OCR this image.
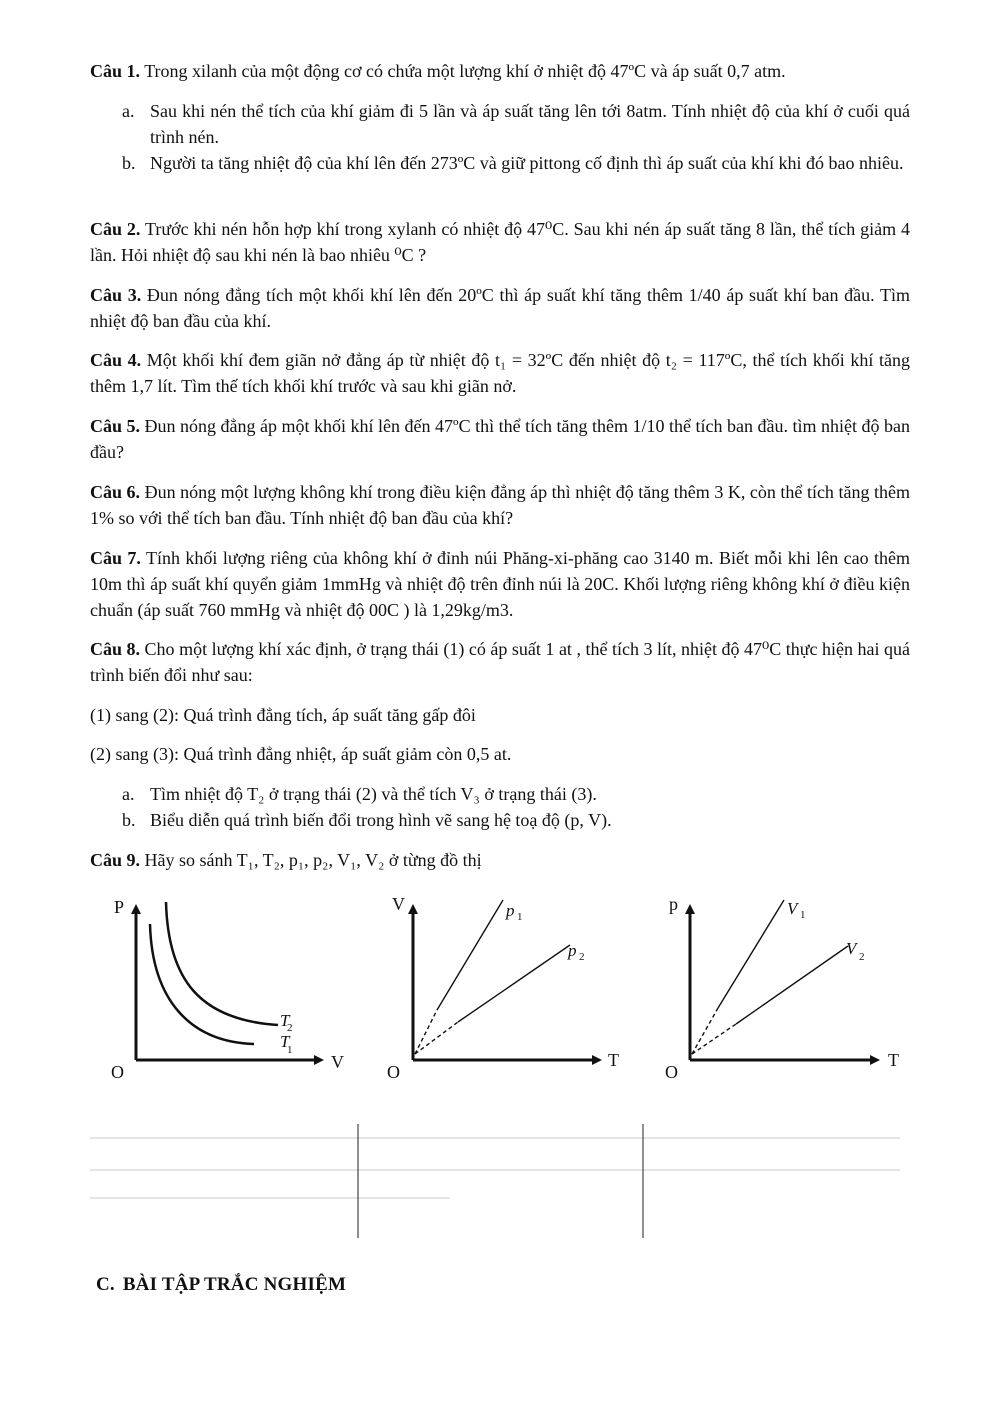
Câu 1. Trong xilanh của một động cơ có chứa một lượng khí ở nhiệt độ 47ºC và áp suất 0,7 atm.

a. Sau khi nén thể tích của khí giảm đi 5 lần và áp suất tăng lên tới 8atm. Tính nhiệt độ của khí ở cuối quá trình nén.
b. Người ta tăng nhiệt độ của khí lên đến 273ºC và giữ pittong cố định thì áp suất của khí khi đó bao nhiêu.

Câu 2. Trước khi nén hỗn hợp khí trong xylanh có nhiệt độ 47⁰C. Sau khi nén áp suất tăng 8 lần, thể tích giảm 4 lần. Hỏi nhiệt độ sau khi nén là bao nhiêu ⁰C ?

Câu 3. Đun nóng đẳng tích một khối khí lên đến 20ºC thì áp suất khí tăng thêm 1/40 áp suất khí ban đầu. Tìm nhiệt độ ban đầu của khí.

Câu 4. Một khối khí đem giãn nở đẳng áp từ nhiệt độ t₁ = 32ºC đến nhiệt độ t₂ = 117ºC, thể tích khối khí tăng thêm 1,7 lít. Tìm thế tích khối khí trước và sau khi giãn nở.

Câu 5. Đun nóng đẳng áp một khối khí lên đến 47ºC thì thể tích tăng thêm 1/10 thể tích ban đầu. tìm nhiệt độ ban đầu?

Câu 6. Đun nóng một lượng không khí trong điều kiện đẳng áp thì nhiệt độ tăng thêm 3 K, còn thể tích tăng thêm 1% so với thể tích ban đầu. Tính nhiệt độ ban đầu của khí?

Câu 7. Tính khối lượng riêng của không khí ở đỉnh núi Phăng-xi-phăng cao 3140 m. Biết mỗi khi lên cao thêm 10m thì áp suất khí quyển giảm 1mmHg và nhiệt độ trên đỉnh núi là 20C. Khối lượng riêng không khí ở điều kiện chuẩn (áp suất 760 mmHg và nhiệt độ 00C ) là 1,29kg/m3.

Câu 8. Cho một lượng khí xác định, ở trạng thái (1) có áp suất 1 at , thể tích 3 lít, nhiệt độ 47⁰C thực hiện hai quá trình biến đổi như sau:

(1) sang (2): Quá trình đẳng tích, áp suất tăng gấp đôi

(2) sang (3): Quá trình đẳng nhiệt, áp suất giảm còn 0,5 at.

a. Tìm nhiệt độ T₂ ở trạng thái (2) và thể tích V₃ ở trạng thái (3).
b. Biểu diễn quá trình biến đổi trong hình vẽ sang hệ toạ độ (p, V).

Câu 9. Hãy so sánh T₁, T₂, p₁, p₂, V₁, V₂ ở từng đồ thị

P
V
O
T
2
T
1
V
T
O
p 1
p 2
p
T
O
V 1
V 2
C. BÀI TẬP TRẮC NGHIỆM
